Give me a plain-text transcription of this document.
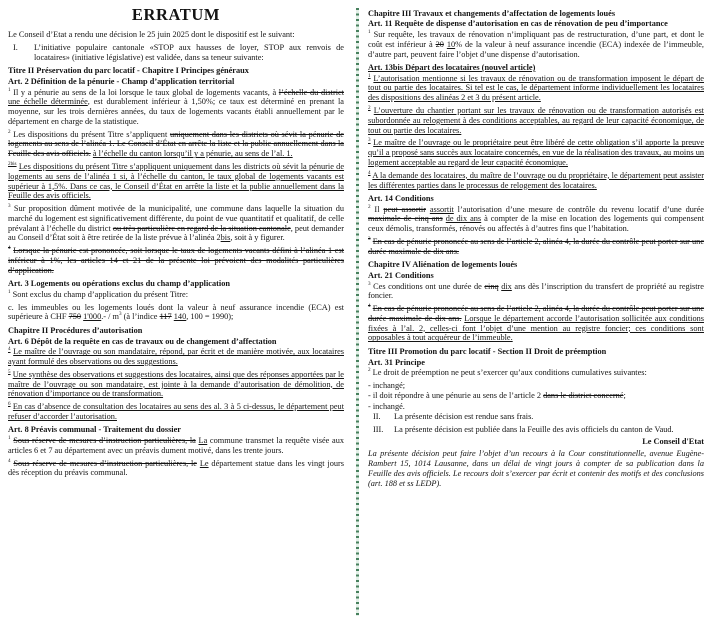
ERRATUM
Le Conseil d’Etat a rendu une décision le 25 juin 2025 dont le dispositif est le suivant:
I. L’initiative populaire cantonale «STOP aux hausses de loyer, STOP aux renvois de locataires» (initiative législative) est validée, dans sa teneur suivante:
Titre II Préservation du parc locatif - Chapitre I Principes généraux
Art. 2 Définition de la pénurie - Champ d’application territorial
$^1$ Il y a pénurie au sens de la loi lorsque le taux global de logements vacants, à l’échelle du district une échelle déterminée, est durablement inférieur à 1,50%; ce taux est déterminé en prenant la moyenne, sur les trois dernières années, du taux de logements vacants établi annuellement par le département en charge de la statistique.
$^2$ Les dispositions du présent Titre s’appliquent uniquement dans les districts où sévit la pénurie de logements au sens de l’alinéa 1. Le Conseil d’État en arrête la liste et la publie annuellement dans la Feuille des avis officiels. à l’échelle du canton lorsqu’il y a pénurie, au sens de l’al. 1.
$^{2bis}$ Les dispositions du présent Titre s’appliquent uniquement dans les districts où sévit la pénurie de logements au sens de l’alinéa 1 si, à l’échelle du canton, le taux global de logements vacants est supérieur à 1,5%. Dans ce cas, le Conseil d’État en arrête la liste et la publie annuellement dans la Feuille des avis officiels.
$^3$ Sur proposition dûment motivée de la municipalité, une commune dans laquelle la situation du marché du logement est significativement différente, du point de vue quantitatif et qualitatif, de celle prévalant à l’échelle du district ou très particulière en regard de la situation cantonale, peut demander au Conseil d’État soit à être retirée de la liste prévue à l’alinéa 2bis, soit à y figurer.
$^4$ Lorsque la pénurie est prononcée, soit lorsque le taux de logements vacants défini à l’alinéa 1 est inférieur à 1%, les articles 14 et 21 de la présente loi prévoient des modalités particulières d’application.
Art. 3 Logements ou opérations exclus du champ d’application
$^1$ Sont exclus du champ d’application du présent Titre:
c. les immeubles ou les logements loués dont la valeur à neuf assurance incendie (ECA) est supérieure à CHF 750 $1'000.- / m^3$ (à l’indice 117 140, 100 = 1990);
Chapitre II Procédures d’autorisation
Art. 6 Dépôt de la requête en cas de travaux ou de changement d’affectation
$^4$ Le maître de l’ouvrage ou son mandataire, répond, par écrit et de manière motivée, aux locataires ayant formulé des observations ou des suggestions.
$^5$ Une synthèse des observations et suggestions des locataires, ainsi que des réponses apportées par le maître de l’ouvrage ou son mandataire, est jointe à la demande d’autorisation de démolition, de rénovation d’importance ou de transformation.
$^6$ En cas d’absence de consultation des locataires au sens des al. 3 à 5 ci-dessus, le département peut refuser d’accorder l’autorisation.
Art. 8 Préavis communal - Traitement du dossier
$^1$ Sous réserve de mesures d’instruction particulières, la La commune transmet la requête visée aux articles 6 et 7 au département avec un préavis dument motivé, dans les trente jours.
$^4$ Sous réserve de mesures d’instruction particulières, le Le département statue dans les vingt jours dès réception du préavis communal.
Chapitre III Travaux et changements d’affectation de logements loués
Art. 11 Requête de dispense d’autorisation en cas de rénovation de peu d’importance
$^1$ Sur requête, les travaux de rénovation n’impliquant pas de restructuration, d’une part, et dont le coût est inférieur à 20 10% de la valeur à neuf assurance incendie (ECA) indexée de l’immeuble, d’autre part, peuvent faire l’objet d’une dispense d’autorisation.
Art. 13bis Départ des locataires (nouvel article)
$^1$ L’autorisation mentionne si les travaux de rénovation ou de transformation imposent le départ de tout ou partie des locataires. Si tel est le cas, le département informe individuellement les locataires des dispositions des alinéas 2 et 3 du présent article.
$^2$ L’ouverture du chantier portant sur les travaux de rénovation ou de transformation autorisés est subordonnée au relogement à des conditions acceptables, au regard de leur capacité économique, de tout ou partie des locataires.
$^3$ Le maître de l’ouvrage ou le propriétaire peut être libéré de cette obligation s’il apporte la preuve qu’il a proposé sans succès aux locataire concernés, en vue de la réalisation des travaux, au moins un logement acceptable au regard de leur capacité économique.
$^4$ A la demande des locataires, du maître de l’ouvrage ou du propriétaire, le département peut assister les différentes parties dans le processus de relogement des locataires.
Art. 14 Conditions
$^2$ Il peut assortir assortit l’autorisation d’une mesure de contrôle du revenu locatif d’une durée maximale de cinq ans de dix ans à compter de la mise en location des logements qui compensent ceux démolis, transformés, rénovés ou affectés à d’autres fins que l’habitation.
$^3$ En cas de pénurie prononcée au sens de l’article 2, alinéa 4, la durée du contrôle peut porter sur une durée maximale de dix ans.
Chapitre IV Aliénation de logements loués
Art. 21 Conditions
$^3$ Ces conditions ont une durée de cinq dix ans dès l’inscription du transfert de propriété au registre foncier.
$^4$ En cas de pénurie prononcée au sens de l’article 2, alinéa 4, la durée du contrôle peut porter sur une durée maximale de dix ans. Lorsque le département accorde l’autorisation sollicitée aux conditions fixées à l’al. 2, celles-ci font l’objet d’une mention au registre foncier; ces conditions sont opposables à tout acquéreur de l’immeuble.
Titre III Promotion du parc locatif - Section II Droit de préemption
Art. 31 Principe
$^2$ Le droit de préemption ne peut s’exercer qu’aux conditions cumulatives suivantes:
- inchangé;
- il doit répondre à une pénurie au sens de l’article 2 dans le district concerné;
- inchangé.
II. La présente décision est rendue sans frais.
III. La présente décision est publiée dans la Feuille des avis officiels du canton de Vaud.
Le Conseil d'Etat
La présente décision peut faire l’objet d’un recours à la Cour constitutionnelle, avenue Eugène-Rambert 15, 1014 Lausanne, dans un délai de vingt jours à compter de sa publication dans la Feuille des avis officiels. Le recours doit s’exercer par écrit et contenir des motifs et des conclusions (art. 188 et ss LEDP).
